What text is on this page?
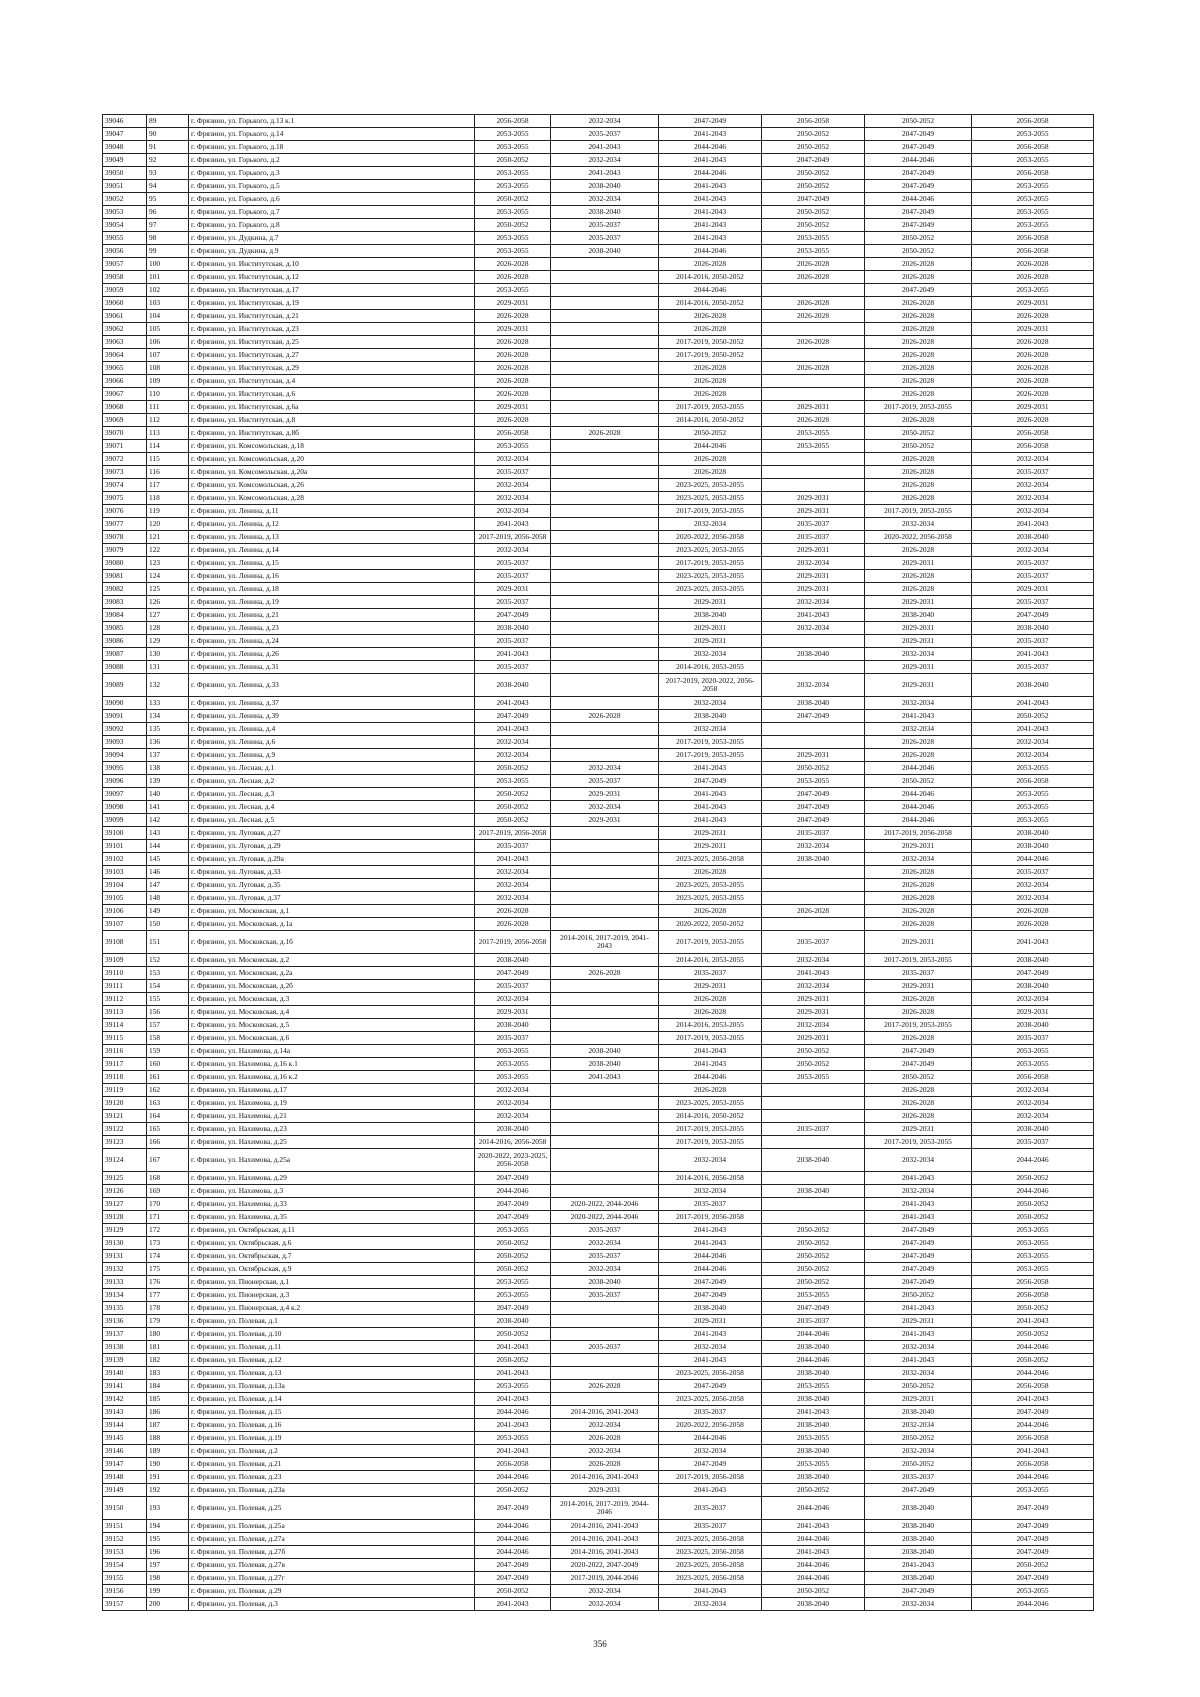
39046	89	г. Фрязино, ул. Горького, д.13 к.1	2056-2058	2032-2034	2047-2049	2056-2058	2050-2052	2056-2058
39047	90	г. Фрязино, ул. Горького, д.14	2053-2055	2035-2037	2041-2043	2050-2052	2047-2049	2053-2055
39048	91	г. Фрязино, ул. Горького, д.18	2053-2055	2041-2043	2044-2046	2050-2052	2047-2049	2056-2058
39049	92	г. Фрязино, ул. Горького, д.2	2050-2052	2032-2034	2041-2043	2047-2049	2044-2046	2053-2055
39050	93	г. Фрязино, ул. Горького, д.3	2053-2055	2041-2043	2044-2046	2050-2052	2047-2049	2056-2058
39051	94	г. Фрязино, ул. Горького, д.5	2053-2055	2038-2040	2041-2043	2050-2052	2047-2049	2053-2055
39052	95	г. Фрязино, ул. Горького, д.6	2050-2052	2032-2034	2041-2043	2047-2049	2044-2046	2053-2055
39053	96	г. Фрязино, ул. Горького, д.7	2053-2055	2038-2040	2041-2043	2050-2052	2047-2049	2053-2055
39054	97	г. Фрязино, ул. Горького, д.8	2050-2052	2035-2037	2041-2043	2050-2052	2047-2049	2053-2055
39055	98	г. Фрязино, ул. Дудкина, д.7	2053-2055	2035-2037	2041-2043	2053-2055	2050-2052	2056-2058
39056	99	г. Фрязино, ул. Дудкина, д.9	2053-2055	2038-2040	2044-2046	2053-2055	2050-2052	2056-2058
39057	100	г. Фрязино, ул. Институтская, д.10	2026-2028		2026-2028	2026-2028	2026-2028	2026-2028
39058	101	г. Фрязино, ул. Институтская, д.12	2026-2028		2014-2016, 2050-2052	2026-2028	2026-2028	2026-2028
39059	102	г. Фрязино, ул. Институтская, д.17	2053-2055		2044-2046		2047-2049	2053-2055
39060	103	г. Фрязино, ул. Институтская, д.19	2029-2031		2014-2016, 2050-2052	2026-2028	2026-2028	2029-2031
39061	104	г. Фрязино, ул. Институтская, д.21	2026-2028		2026-2028	2026-2028	2026-2028	2026-2028
39062	105	г. Фрязино, ул. Институтская, д.23	2029-2031		2026-2028		2026-2028	2029-2031
39063	106	г. Фрязино, ул. Институтская, д.25	2026-2028		2017-2019, 2050-2052	2026-2028	2026-2028	2026-2028
39064	107	г. Фрязино, ул. Институтская, д.27	2026-2028		2017-2019, 2050-2052		2026-2028	2026-2028
39065	108	г. Фрязино, ул. Институтская, д.29	2026-2028		2026-2028	2026-2028	2026-2028	2026-2028
39066	109	г. Фрязино, ул. Институтская, д.4	2026-2028		2026-2028		2026-2028	2026-2028
39067	110	г. Фрязино, ул. Институтская, д.6	2026-2028		2026-2028		2026-2028	2026-2028
39068	111	г. Фрязино, ул. Институтская, д.6а	2029-2031		2017-2019, 2053-2055	2029-2031	2017-2019, 2053-2055	2029-2031
39069	112	г. Фрязино, ул. Институтская, д.8	2026-2028		2014-2016, 2050-2052	2026-2028	2026-2028	2026-2028
39070	113	г. Фрязино, ул. Институтская, д.8б	2056-2058	2026-2028	2050-2052	2053-2055	2050-2052	2056-2058
39071	114	г. Фрязино, ул. Комсомольская, д.18	2053-2055		2044-2046	2053-2055	2050-2052	2056-2058
39072	115	г. Фрязино, ул. Комсомольская, д.20	2032-2034		2026-2028		2026-2028	2032-2034
39073	116	г. Фрязино, ул. Комсомольская, д.20а	2035-2037		2026-2028		2026-2028	2035-2037
39074	117	г. Фрязино, ул. Комсомольская, д.26	2032-2034		2023-2025, 2053-2055		2026-2028	2032-2034
39075	118	г. Фрязино, ул. Комсомольская, д.28	2032-2034		2023-2025, 2053-2055	2029-2031	2026-2028	2032-2034
39076	119	г. Фрязино, ул. Ленина, д.11	2032-2034		2017-2019, 2053-2055	2029-2031	2017-2019, 2053-2055	2032-2034
39077	120	г. Фрязино, ул. Ленина, д.12	2041-2043		2032-2034	2035-2037	2032-2034	2041-2043
39078	121	г. Фрязино, ул. Ленина, д.13	2017-2019, 2056-2058		2020-2022, 2056-2058	2035-2037	2020-2022, 2056-2058	2038-2040
39079	122	г. Фрязино, ул. Ленина, д.14	2032-2034		2023-2025, 2053-2055	2029-2031	2026-2028	2032-2034
39080	123	г. Фрязино, ул. Ленина, д.15	2035-2037		2017-2019, 2053-2055	2032-2034	2029-2031	2035-2037
39081	124	г. Фрязино, ул. Ленина, д.16	2035-2037		2023-2025, 2053-2055	2029-2031	2026-2028	2035-2037
39082	125	г. Фрязино, ул. Ленина, д.18	2029-2031		2023-2025, 2053-2055	2029-2031	2026-2028	2029-2031
39083	126	г. Фрязино, ул. Ленина, д.19	2035-2037		2029-2031	2032-2034	2029-2031	2035-2037
39084	127	г. Фрязино, ул. Ленина, д.21	2047-2049		2038-2040	2041-2043	2038-2040	2047-2049
39085	128	г. Фрязино, ул. Ленина, д.23	2038-2040		2029-2031	2032-2034	2029-2031	2038-2040
39086	129	г. Фрязино, ул. Ленина, д.24	2035-2037		2029-2031		2029-2031	2035-2037
39087	130	г. Фрязино, ул. Ленина, д.26	2041-2043		2032-2034	2038-2040	2032-2034	2041-2043
39088	131	г. Фрязино, ул. Ленина, д.31	2035-2037		2014-2016, 2053-2055		2029-2031	2035-2037
39089	132	г. Фрязино, ул. Ленина, д.33	2038-2040		2017-2019, 2020-2022, 2056-2058	2032-2034	2029-2031	2038-2040
39090	133	г. Фрязино, ул. Ленина, д.37	2041-2043		2032-2034	2038-2040	2032-2034	2041-2043
39091	134	г. Фрязино, ул. Ленина, д.39	2047-2049	2026-2028	2038-2040	2047-2049	2041-2043	2050-2052
39092	135	г. Фрязино, ул. Ленина, д.4	2041-2043		2032-2034		2032-2034	2041-2043
39093	136	г. Фрязино, ул. Ленина, д.6	2032-2034		2017-2019, 2053-2055		2026-2028	2032-2034
39094	137	г. Фрязино, ул. Ленина, д.9	2032-2034		2017-2019, 2053-2055	2029-2031	2026-2028	2032-2034
39095	138	г. Фрязино, ул. Лесная, д.1	2050-2052	2032-2034	2041-2043	2050-2052	2044-2046	2053-2055
39096	139	г. Фрязино, ул. Лесная, д.2	2053-2055	2035-2037	2047-2049	2053-2055	2050-2052	2056-2058
39097	140	г. Фрязино, ул. Лесная, д.3	2050-2052	2029-2031	2041-2043	2047-2049	2044-2046	2053-2055
39098	141	г. Фрязино, ул. Лесная, д.4	2050-2052	2032-2034	2041-2043	2047-2049	2044-2046	2053-2055
39099	142	г. Фрязино, ул. Лесная, д.5	2050-2052	2029-2031	2041-2043	2047-2049	2044-2046	2053-2055
39100	143	г. Фрязино, ул. Луговая, д.27	2017-2019, 2056-2058		2029-2031	2035-2037	2017-2019, 2056-2058	2038-2040
39101	144	г. Фрязино, ул. Луговая, д.29	2035-2037		2029-2031	2032-2034	2029-2031	2038-2040
39102	145	г. Фрязино, ул. Луговая, д.29а	2041-2043		2023-2025, 2056-2058	2038-2040	2032-2034	2044-2046
39103	146	г. Фрязино, ул. Луговая, д.33	2032-2034		2026-2028		2026-2028	2035-2037
39104	147	г. Фрязино, ул. Луговая, д.35	2032-2034		2023-2025, 2053-2055		2026-2028	2032-2034
39105	148	г. Фрязино, ул. Луговая, д.37	2032-2034		2023-2025, 2053-2055		2026-2028	2032-2034
39106	149	г. Фрязино, ул. Московская, д.1	2026-2028		2026-2028	2026-2028	2026-2028	2026-2028
39107	150	г. Фрязино, ул. Московская, д.1а	2026-2028		2020-2022, 2050-2052		2026-2028	2026-2028
39108	151	г. Фрязино, ул. Московская, д.1б	2017-2019, 2056-2058	2014-2016, 2017-2019, 2041-2043	2017-2019, 2053-2055	2035-2037	2029-2031	2041-2043
39109	152	г. Фрязино, ул. Московская, д.2	2038-2040		2014-2016, 2053-2055	2032-2034	2017-2019, 2053-2055	2038-2040
39110	153	г. Фрязино, ул. Московская, д.2а	2047-2049	2026-2028	2035-2037	2041-2043	2035-2037	2047-2049
39111	154	г. Фрязино, ул. Московская, д.2б	2035-2037		2029-2031	2032-2034	2029-2031	2038-2040
39112	155	г. Фрязино, ул. Московская, д.3	2032-2034		2026-2028	2029-2031	2026-2028	2032-2034
39113	156	г. Фрязино, ул. Московская, д.4	2029-2031		2026-2028	2029-2031	2026-2028	2029-2031
39114	157	г. Фрязино, ул. Московская, д.5	2038-2040		2014-2016, 2053-2055	2032-2034	2017-2019, 2053-2055	2038-2040
39115	158	г. Фрязино, ул. Московская, д.6	2035-2037		2017-2019, 2053-2055	2029-2031	2026-2028	2035-2037
39116	159	г. Фрязино, ул. Нахимова, д.14а	2053-2055	2038-2040	2041-2043	2050-2052	2047-2049	2053-2055
39117	160	г. Фрязино, ул. Нахимова, д.16 к.1	2053-2055	2038-2040	2041-2043	2050-2052	2047-2049	2053-2055
39118	161	г. Фрязино, ул. Нахимова, д.16 к.2	2053-2055	2041-2043	2044-2046	2053-2055	2050-2052	2056-2058
39119	162	г. Фрязино, ул. Нахимова, д.17	2032-2034		2026-2028		2026-2028	2032-2034
39120	163	г. Фрязино, ул. Нахимова, д.19	2032-2034		2023-2025, 2053-2055		2026-2028	2032-2034
39121	164	г. Фрязино, ул. Нахимова, д.21	2032-2034		2014-2016, 2050-2052		2026-2028	2032-2034
39122	165	г. Фрязино, ул. Нахимова, д.23	2038-2040		2017-2019, 2053-2055	2035-2037	2029-2031	2038-2040
39123	166	г. Фрязино, ул. Нахимова, д.25	2014-2016, 2056-2058		2017-2019, 2053-2055		2017-2019, 2053-2055	2035-2037
39124	167	г. Фрязино, ул. Нахимова, д.25а	2020-2022, 2023-2025, 2056-2058		2032-2034	2038-2040	2032-2034	2044-2046
39125	168	г. Фрязино, ул. Нахимова, д.29	2047-2049		2014-2016, 2056-2058		2041-2043	2050-2052
39126	169	г. Фрязино, ул. Нахимова, д.3	2044-2046		2032-2034	2038-2040	2032-2034	2044-2046
39127	170	г. Фрязино, ул. Нахимова, д.33	2047-2049	2020-2022, 2044-2046	2035-2037		2041-2043	2050-2052
39128	171	г. Фрязино, ул. Нахимова, д.35	2047-2049	2020-2022, 2044-2046	2017-2019, 2056-2058		2041-2043	2050-2052
39129	172	г. Фрязино, ул. Октябрьская, д.11	2053-2055	2035-2037	2041-2043	2050-2052	2047-2049	2053-2055
39130	173	г. Фрязино, ул. Октябрьская, д.6	2050-2052	2032-2034	2041-2043	2050-2052	2047-2049	2053-2055
39131	174	г. Фрязино, ул. Октябрьская, д.7	2050-2052	2035-2037	2044-2046	2050-2052	2047-2049	2053-2055
39132	175	г. Фрязино, ул. Октябрьская, д.9	2050-2052	2032-2034	2044-2046	2050-2052	2047-2049	2053-2055
39133	176	г. Фрязино, ул. Пионерская, д.1	2053-2055	2038-2040	2047-2049	2050-2052	2047-2049	2056-2058
39134	177	г. Фрязино, ул. Пионерская, д.3	2053-2055	2035-2037	2047-2049	2053-2055	2050-2052	2056-2058
39135	178	г. Фрязино, ул. Пионерская, д.4 к.2	2047-2049		2038-2040	2047-2049	2041-2043	2050-2052
39136	179	г. Фрязино, ул. Полевая, д.1	2038-2040		2029-2031	2035-2037	2029-2031	2041-2043
39137	180	г. Фрязино, ул. Полевая, д.10	2050-2052		2041-2043	2044-2046	2041-2043	2050-2052
39138	181	г. Фрязино, ул. Полевая, д.11	2041-2043	2035-2037	2032-2034	2038-2040	2032-2034	2044-2046
39139	182	г. Фрязино, ул. Полевая, д.12	2050-2052		2041-2043	2044-2046	2041-2043	2050-2052
39140	183	г. Фрязино, ул. Полевая, д.13	2041-2043		2023-2025, 2056-2058	2038-2040	2032-2034	2044-2046
39141	184	г. Фрязино, ул. Полевая, д.13а	2053-2055	2026-2028	2047-2049	2053-2055	2050-2052	2056-2058
39142	185	г. Фрязино, ул. Полевая, д.14	2041-2043		2023-2025, 2056-2058	2038-2040	2029-2031	2041-2043
39143	186	г. Фрязино, ул. Полевая, д.15	2044-2046	2014-2016, 2041-2043	2035-2037	2041-2043	2038-2040	2047-2049
39144	187	г. Фрязино, ул. Полевая, д.16	2041-2043	2032-2034	2020-2022, 2056-2058	2038-2040	2032-2034	2044-2046
39145	188	г. Фрязино, ул. Полевая, д.19	2053-2055	2026-2028	2044-2046	2053-2055	2050-2052	2056-2058
39146	189	г. Фрязино, ул. Полевая, д.2	2041-2043	2032-2034	2032-2034	2038-2040	2032-2034	2041-2043
39147	190	г. Фрязино, ул. Полевая, д.21	2056-2058	2026-2028	2047-2049	2053-2055	2050-2052	2056-2058
39148	191	г. Фрязино, ул. Полевая, д.23	2044-2046	2014-2016, 2041-2043	2017-2019, 2056-2058	2038-2040	2035-2037	2044-2046
39149	192	г. Фрязино, ул. Полевая, д.23а	2050-2052	2029-2031	2041-2043	2050-2052	2047-2049	2053-2055
39150	193	г. Фрязино, ул. Полевая, д.25	2047-2049	2014-2016, 2017-2019, 2044-2046	2035-2037	2044-2046	2038-2040	2047-2049
39151	194	г. Фрязино, ул. Полевая, д.25а	2044-2046	2014-2016, 2041-2043	2035-2037	2041-2043	2038-2040	2047-2049
39152	195	г. Фрязино, ул. Полевая, д.27а	2044-2046	2014-2016, 2041-2043	2023-2025, 2056-2058	2044-2046	2038-2040	2047-2049
39153	196	г. Фрязино, ул. Полевая, д.27б	2044-2046	2014-2016, 2041-2043	2023-2025, 2056-2058	2041-2043	2038-2040	2047-2049
39154	197	г. Фрязино, ул. Полевая, д.27в	2047-2049	2020-2022, 2047-2049	2023-2025, 2056-2058	2044-2046	2041-2043	2050-2052
39155	198	г. Фрязино, ул. Полевая, д.27г	2047-2049	2017-2019, 2044-2046	2023-2025, 2056-2058	2044-2046	2038-2040	2047-2049
39156	199	г. Фрязино, ул. Полевая, д.29	2050-2052	2032-2034	2041-2043	2050-2052	2047-2049	2053-2055
39157	200	г. Фрязино, ул. Полевая, д.3	2041-2043	2032-2034	2032-2034	2038-2040	2032-2034	2044-2046
356
